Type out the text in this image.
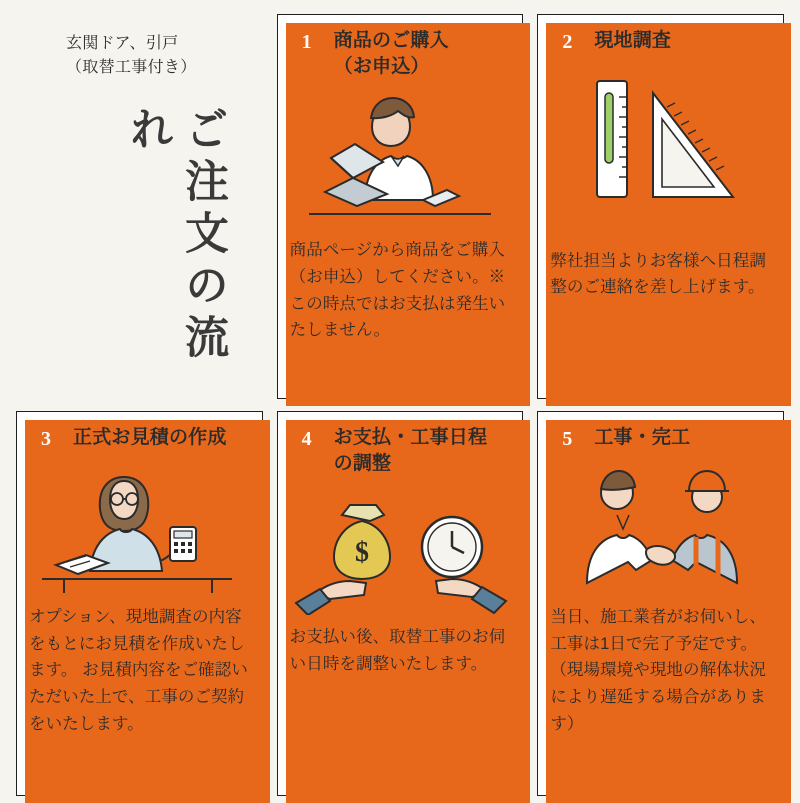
玄関ドア、引戸
（取替工事付き）
ご注文の流れ
1	商品のご購入
（お申込）
商品ページから商品をご購入（お申込）してください。※この時点ではお支払は発生いたしません。
2	現地調査
現地調査を依頼する
弊社担当よりお客様へ日程調整のご連絡を差し上げます。
3	正式お見積の作成
オプション、現地調査の内容をもとにお見積を作成いたします。 お見積内容をご確認いただいた上で、工事のご契約をいたします。
4	お支払・工事日程
の調整
$
お支払い後、取替工事のお伺い日時を調整いたします。工事契約後のキャンセルはできませんのでご注意ください。
5	工事・完工
当日、施工業者がお伺いし、工事は1日で完了予定です。 （現場環境や現地の解体状況により遅延する場合があります）
